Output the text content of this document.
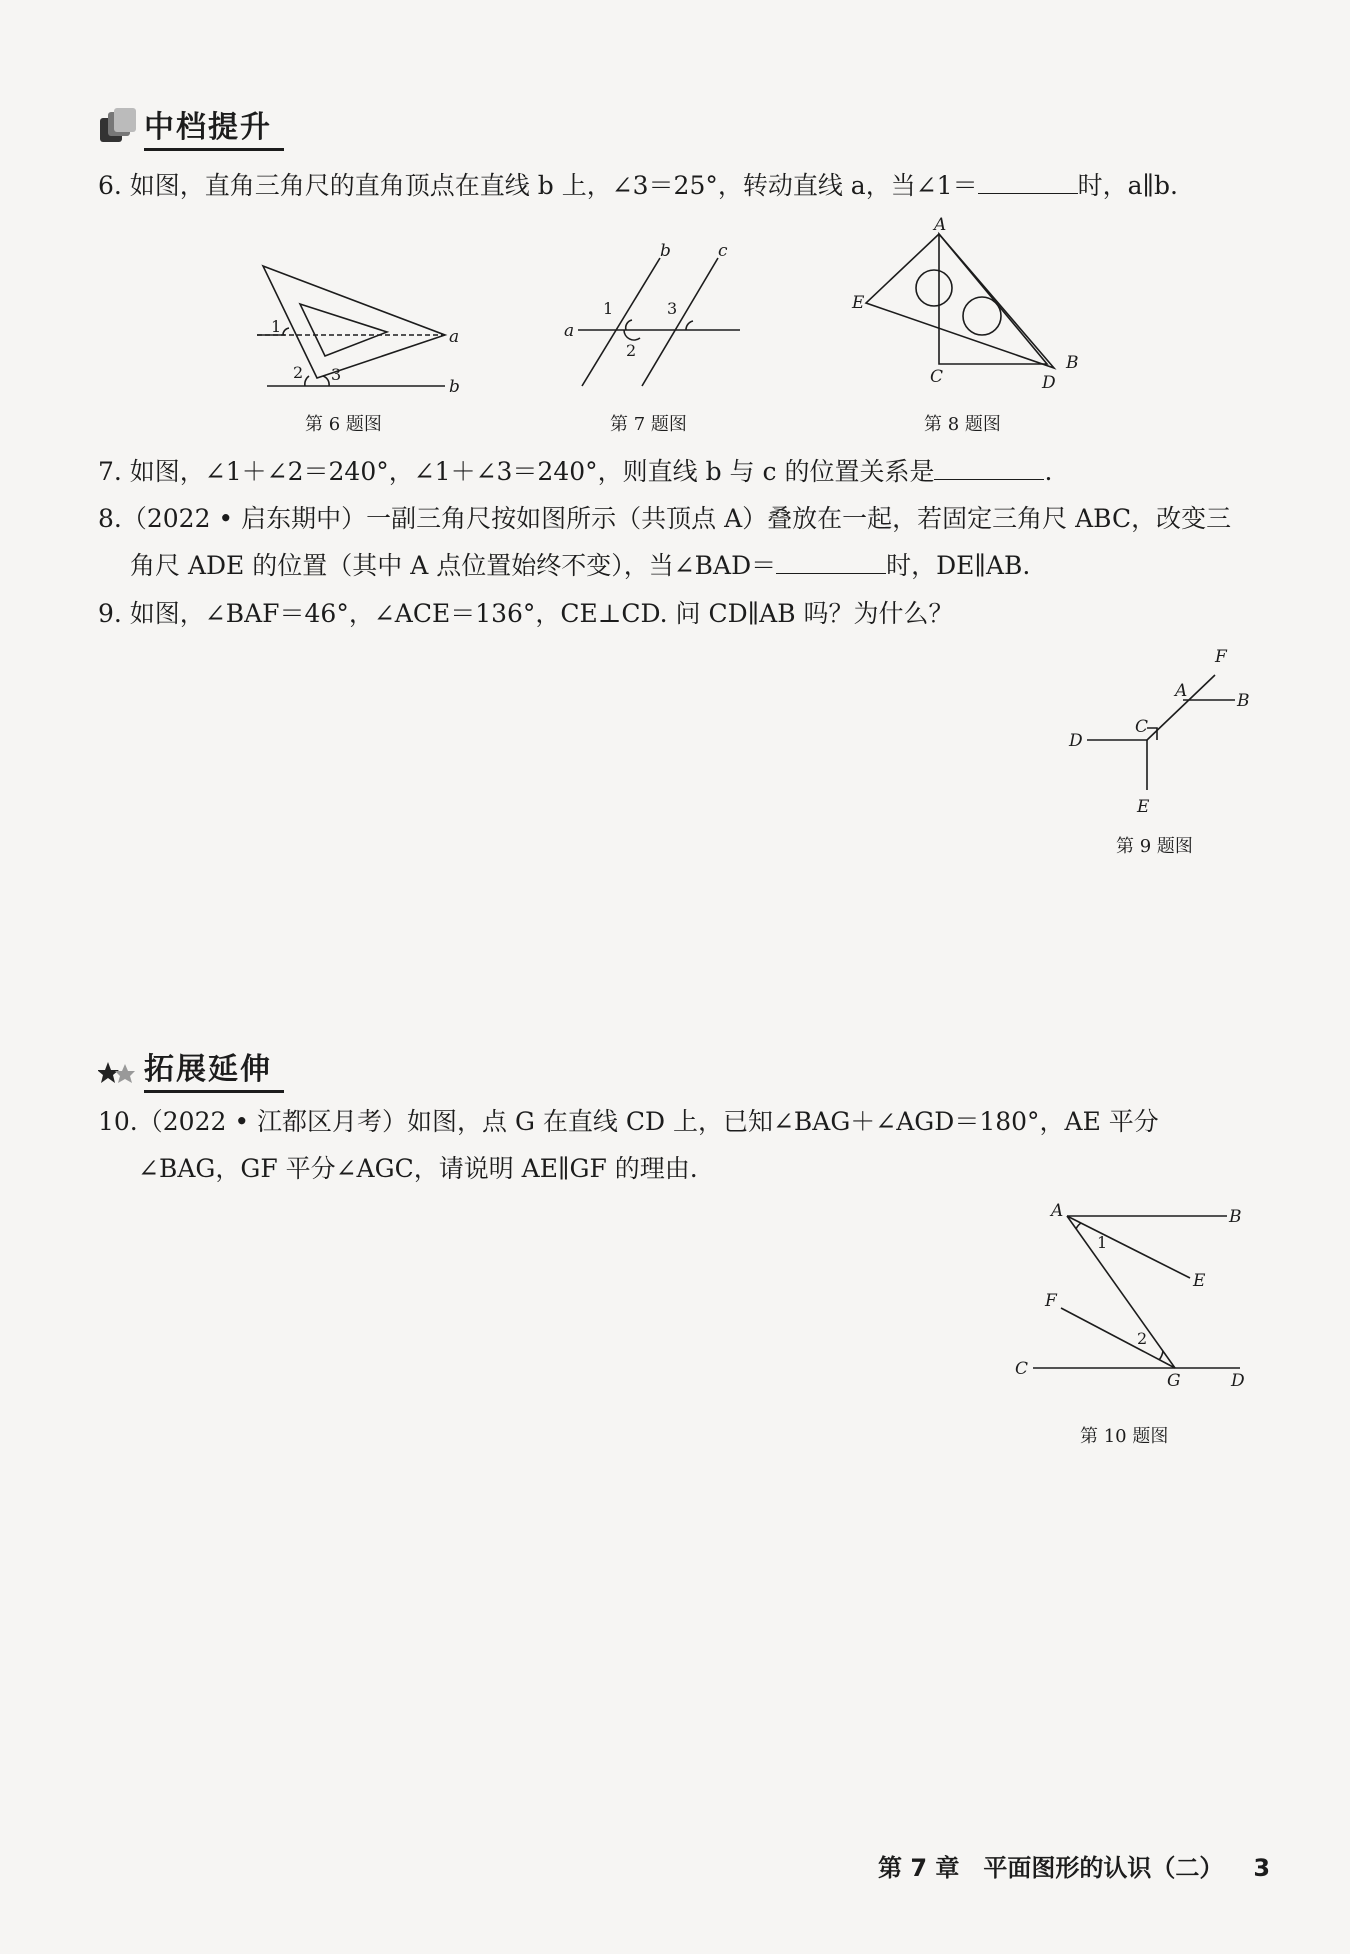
中档提升
6. 如图，直角三角尺的直角顶点在直线 b 上，∠3＝25°，转动直线 a，当∠1＝	时，a∥b.
1
2 3
a
b
第 6 题图
a
b	c
1
2
3
第 7 题图
A
E
C	D
B
第 8 题图
7. 如图，∠1＋∠2＝240°，∠1＋∠3＝240°，则直线 b 与 c 的位置关系是	.
8.（2022 • 启东期中）一副三角尺按如图所示（共顶点 A）叠放在一起，若固定三角尺 ABC，改变三
角尺 ADE 的位置（其中 A 点位置始终不变），当∠BAD＝	时，DE∥AB.
9. 如图，∠BAF＝46°，∠ACE＝136°，CE⊥CD. 问 CD∥AB 吗？为什么？
D
E
C
A	B
F
第 9 题图
拓展延伸
10.（2022 • 江都区月考）如图，点 G 在直线 CD 上，已知∠BAG＋∠AGD＝180°，AE 平分
∠BAG，GF 平分∠AGC，请说明 AE∥GF 的理由.
A	B
E
F
C
G	D
1
2
第 10 题图
第 7 章 平面图形的认识（二） 3
